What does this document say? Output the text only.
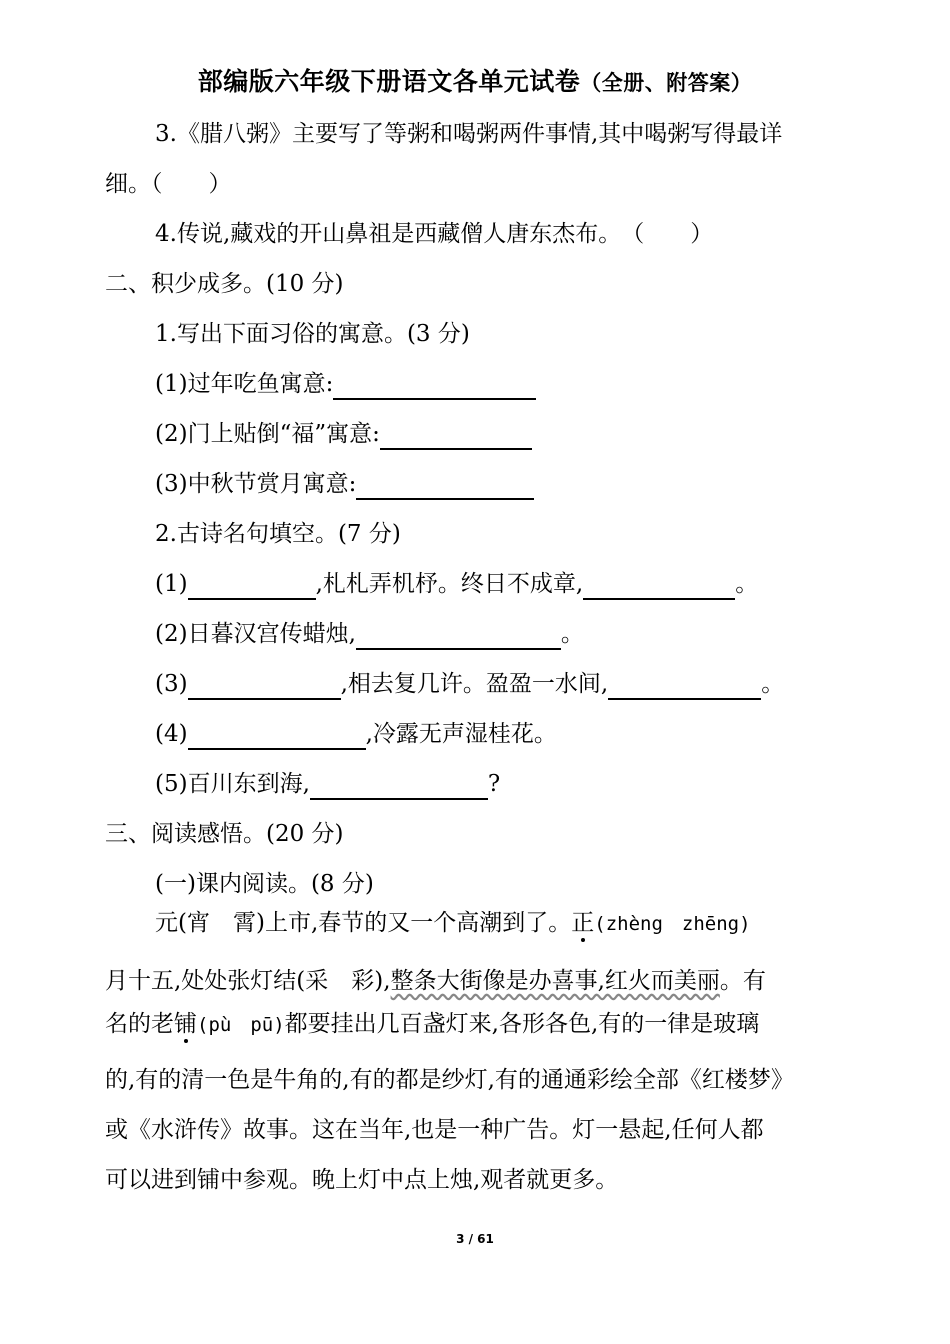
部编版六年级下册语文各单元试卷（全册、附答案）
3.《腊八粥》主要写了等粥和喝粥两件事情,其中喝粥写得最详
细。（　　）
4.传说,藏戏的开山鼻祖是西藏僧人唐东杰布。　（　　）
二、积少成多。(10 分)
1.写出下面习俗的寓意。(3 分)
(1)过年吃鱼寓意:
(2)门上贴倒“福”寓意:
(3)中秋节赏月寓意:
2.古诗名句填空。(7 分)
(1)	,札札弄机杼。终日不成章,	。
(2)日暮汉宫传蜡烛,	。
(3)	,相去复几许。盈盈一水间,	。
(4)	,冷露无声湿桂花。
(5)百川东到海,	?
三、阅读感悟。(20 分)
(一)课内阅读。(8 分)
元(宵　霄)上市,春节的又一个高潮到了。正(zhèng　zhēng)
月十五,处处张灯结(采　彩),整条大街像是办喜事,红火而美丽。有
名的老铺(pù　pū)都要挂出几百盏灯来,各形各色,有的一律是玻璃
的,有的清一色是牛角的,有的都是纱灯,有的通通彩绘全部《红楼梦》
或《水浒传》故事。这在当年,也是一种广告。灯一悬起,任何人都
可以进到铺中参观。晚上灯中点上烛,观者就更多。
3 / 61
